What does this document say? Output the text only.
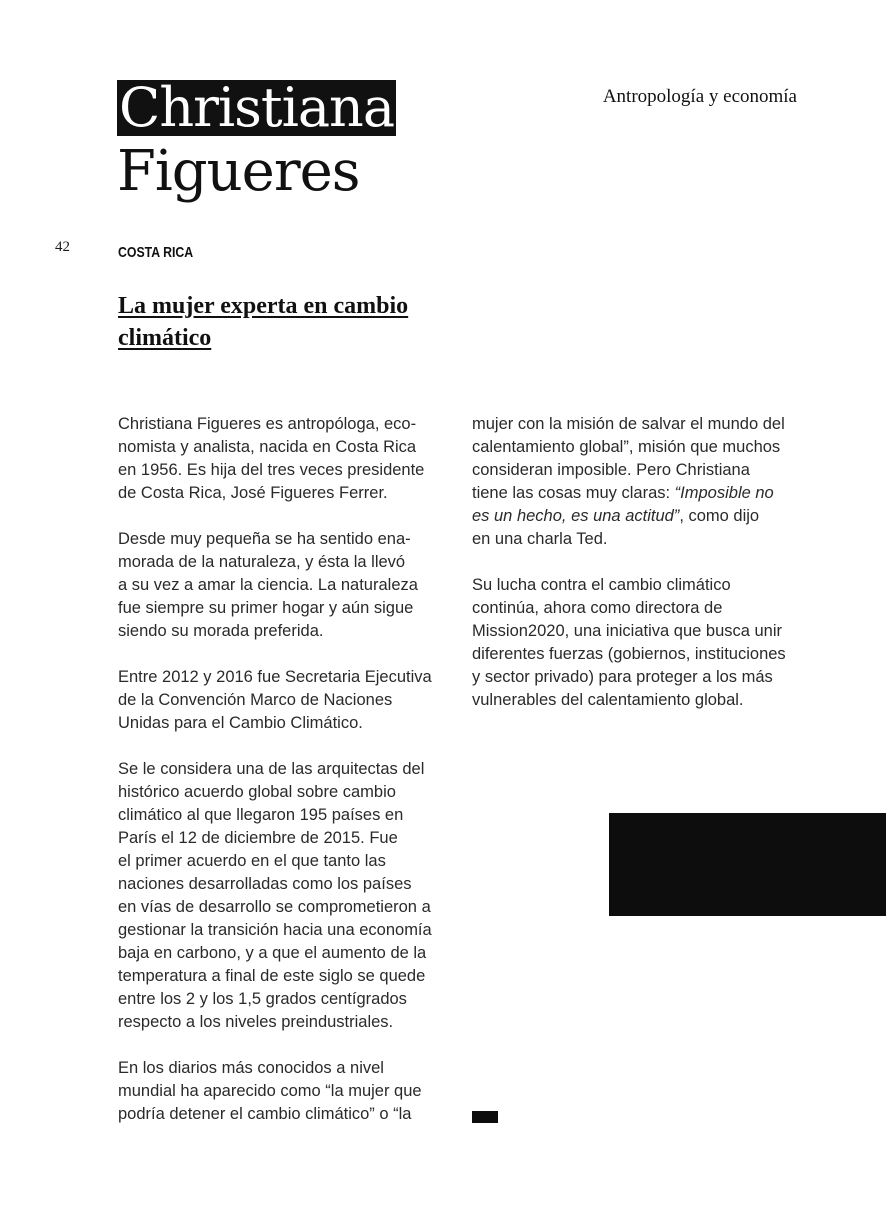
Antropología y economía

Christiana
Figueres

42	COSTA RICA

La mujer experta en cambio climático

Christiana Figueres es antropóloga, eco-
nomista y analista, nacida en Costa Rica
en 1956. Es hija del tres veces presidente
de Costa Rica, José Figueres Ferrer.

Desde muy pequeña se ha sentido ena-
morada de la naturaleza, y ésta la llevó
a su vez a amar la ciencia. La naturaleza
fue siempre su primer hogar y aún sigue
siendo su morada preferida.

Entre 2012 y 2016 fue Secretaria Ejecutiva
de la Convención Marco de Naciones
Unidas para el Cambio Climático.

Se le considera una de las arquitectas del
histórico acuerdo global sobre cambio
climático al que llegaron 195 países en
París el 12 de diciembre de 2015. Fue
el primer acuerdo en el que tanto las
naciones desarrolladas como los países
en vías de desarrollo se comprometieron a
gestionar la transición hacia una economía
baja en carbono, y a que el aumento de la
temperatura a final de este siglo se quede
entre los 2 y los 1,5 grados centígrados
respecto a los niveles preindustriales.

En los diarios más conocidos a nivel
mundial ha aparecido como “la mujer que
podría detener el cambio climático” o “la

mujer con la misión de salvar el mundo del
calentamiento global”, misión que muchos
consideran imposible. Pero Christiana
tiene las cosas muy claras: “Imposible no
es un hecho, es una actitud”, como dijo
en una charla Ted.

Su lucha contra el cambio climático
continúa, ahora como directora de
Mission2020, una iniciativa que busca unir
diferentes fuerzas (gobiernos, instituciones
y sector privado) para proteger a los más
vulnerables del calentamiento global.
